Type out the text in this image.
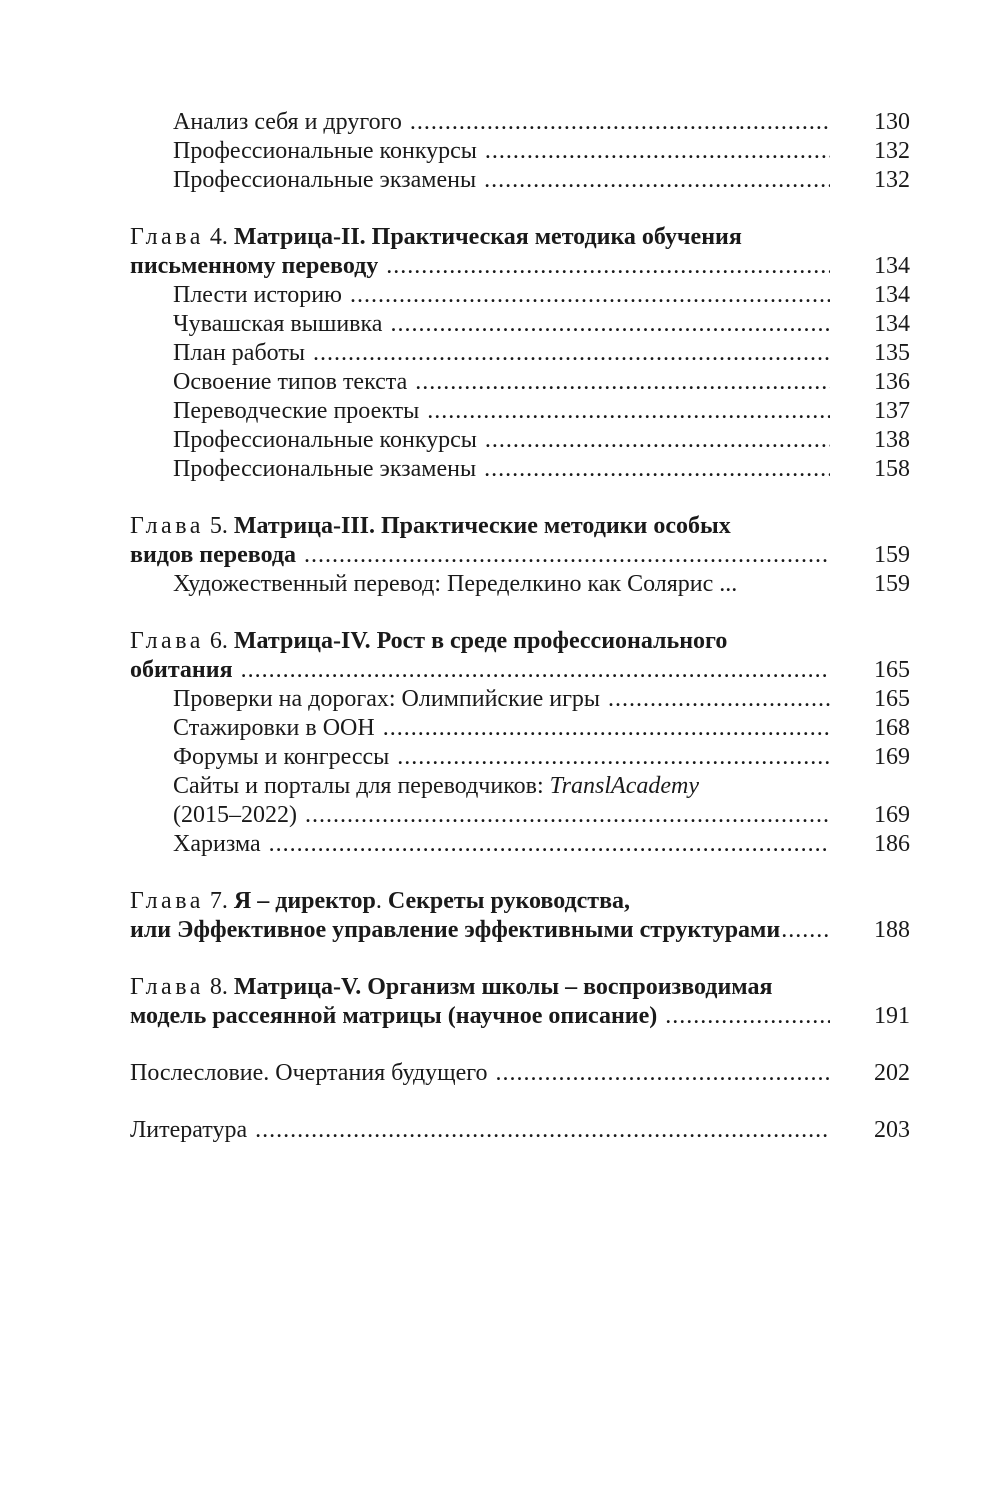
Анализ себя и другого .....	130
Профессиональные конкурсы .....	132
Профессиональные экзамены .....	132
Глава 4. Матрица-II. Практическая методика обучения
письменному переводу .....	134
Плести историю .....	134
Чувашская вышивка .....	134
План работы .....	135
Освоение типов текста .....	136
Переводческие проекты .....	137
Профессиональные конкурсы .....	138
Профессиональные экзамены .....	158
Глава 5. Матрица-III. Практические методики особых
видов перевода .....	159
Художественный перевод: Переделкино как Солярис ...	159
Глава 6. Матрица-IV. Рост в среде профессионального
обитания .....	165
Проверки на дорогах: Олимпийские игры .....	165
Стажировки в ООН .....	168
Форумы и конгрессы .....	169
Сайты и порталы для переводчиков: TranslAcademy
(2015–2022) .....	169
Харизма .....	186
Глава 7. Я – директор. Секреты руководства,
или Эффективное управление эффективными структурами .....	188
Глава 8. Матрица-V. Организм школы – воспроизводимая
модель рассеянной матрицы (научное описание) .....	191
Послесловие. Очертания будущего .....	202
Литература .....	203
